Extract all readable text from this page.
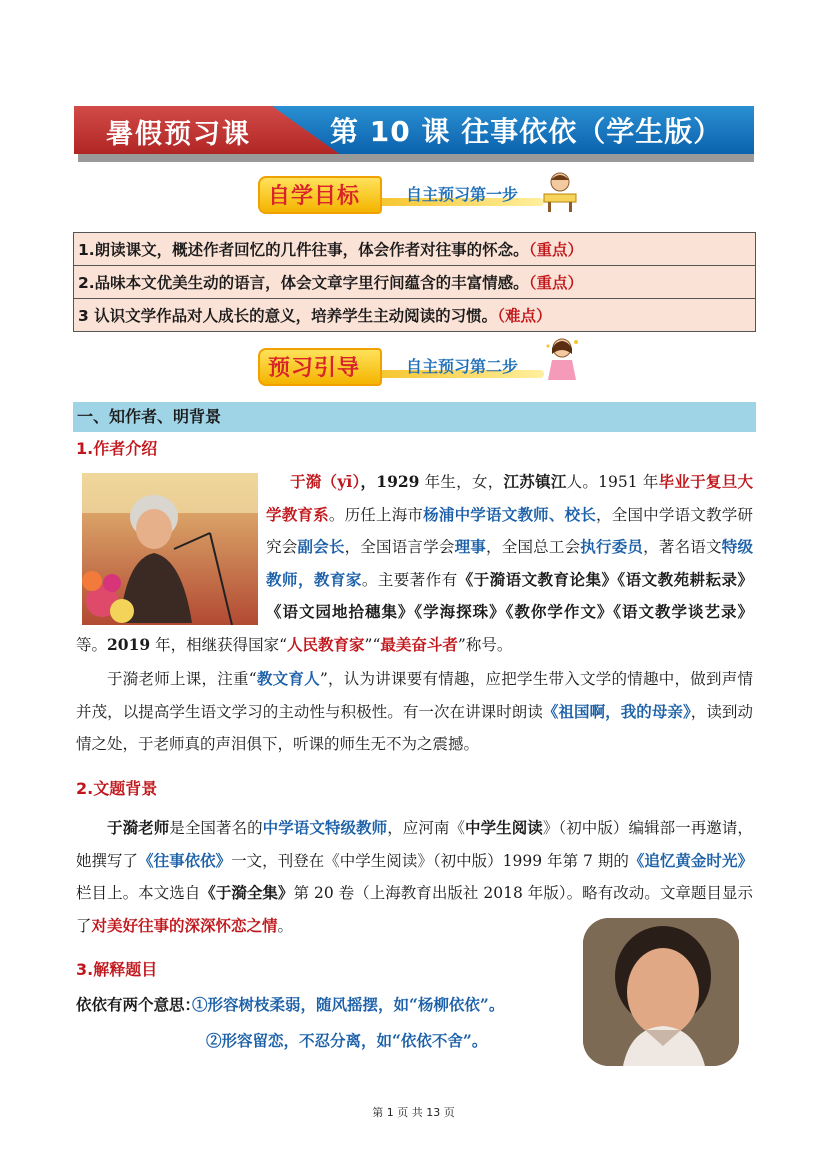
暑假预习课	第 10 课 往事依依（学生版）
自学目标	自主预习第一步
1.朗读课文，概述作者回忆的几件往事，体会作者对往事的怀念。（重点）
2.品味本文优美生动的语言，体会文章字里行间蕴含的丰富情感。（重点）
3 认识文学作品对人成长的意义，培养学生主动阅读的习惯。（难点）
预习引导	自主预习第二步
一、知作者、明背景
1.作者介绍
于漪（yī），1929 年生，女，江苏镇江人。1951 年毕业于复旦大学教育系。历任上海市杨浦中学语文教师、校长，全国中学语文教学研究会副会长，全国语言学会理事，全国总工会执行委员，著名语文特级教师，教育家。主要著作有《于漪语文教育论集》《语文教苑耕耘录》《语文园地拾穗集》《学海探珠》《教你学作文》《语文教学谈艺录》等。2019 年，相继获得国家“人民教育家”“最美奋斗者”称号。
于漪老师上课，注重“教文育人”，认为讲课要有情趣，应把学生带入文学的情趣中，做到声情并茂，以提高学生语文学习的主动性与积极性。有一次在讲课时朗读《祖国啊，我的母亲》，读到动情之处，于老师真的声泪俱下，听课的师生无不为之震撼。
2.文题背景
于漪老师是全国著名的中学语文特级教师，应河南《中学生阅读》（初中版）编辑部一再邀请，她撰写了《往事依依》一文，刊登在《中学生阅读》（初中版）1999 年第 7 期的《追忆黄金时光》栏目上。本文选自《于漪全集》第 20 卷（上海教育出版社 2018 年版）。略有改动。文章题目显示了对美好往事的深深怀恋之情。
3.解释题目
依依有两个意思：
①形容树枝柔弱，随风摇摆，如“杨柳依依”。
②形容留恋，不忍分离，如“依依不舍”。
第 1 页 共 13 页
